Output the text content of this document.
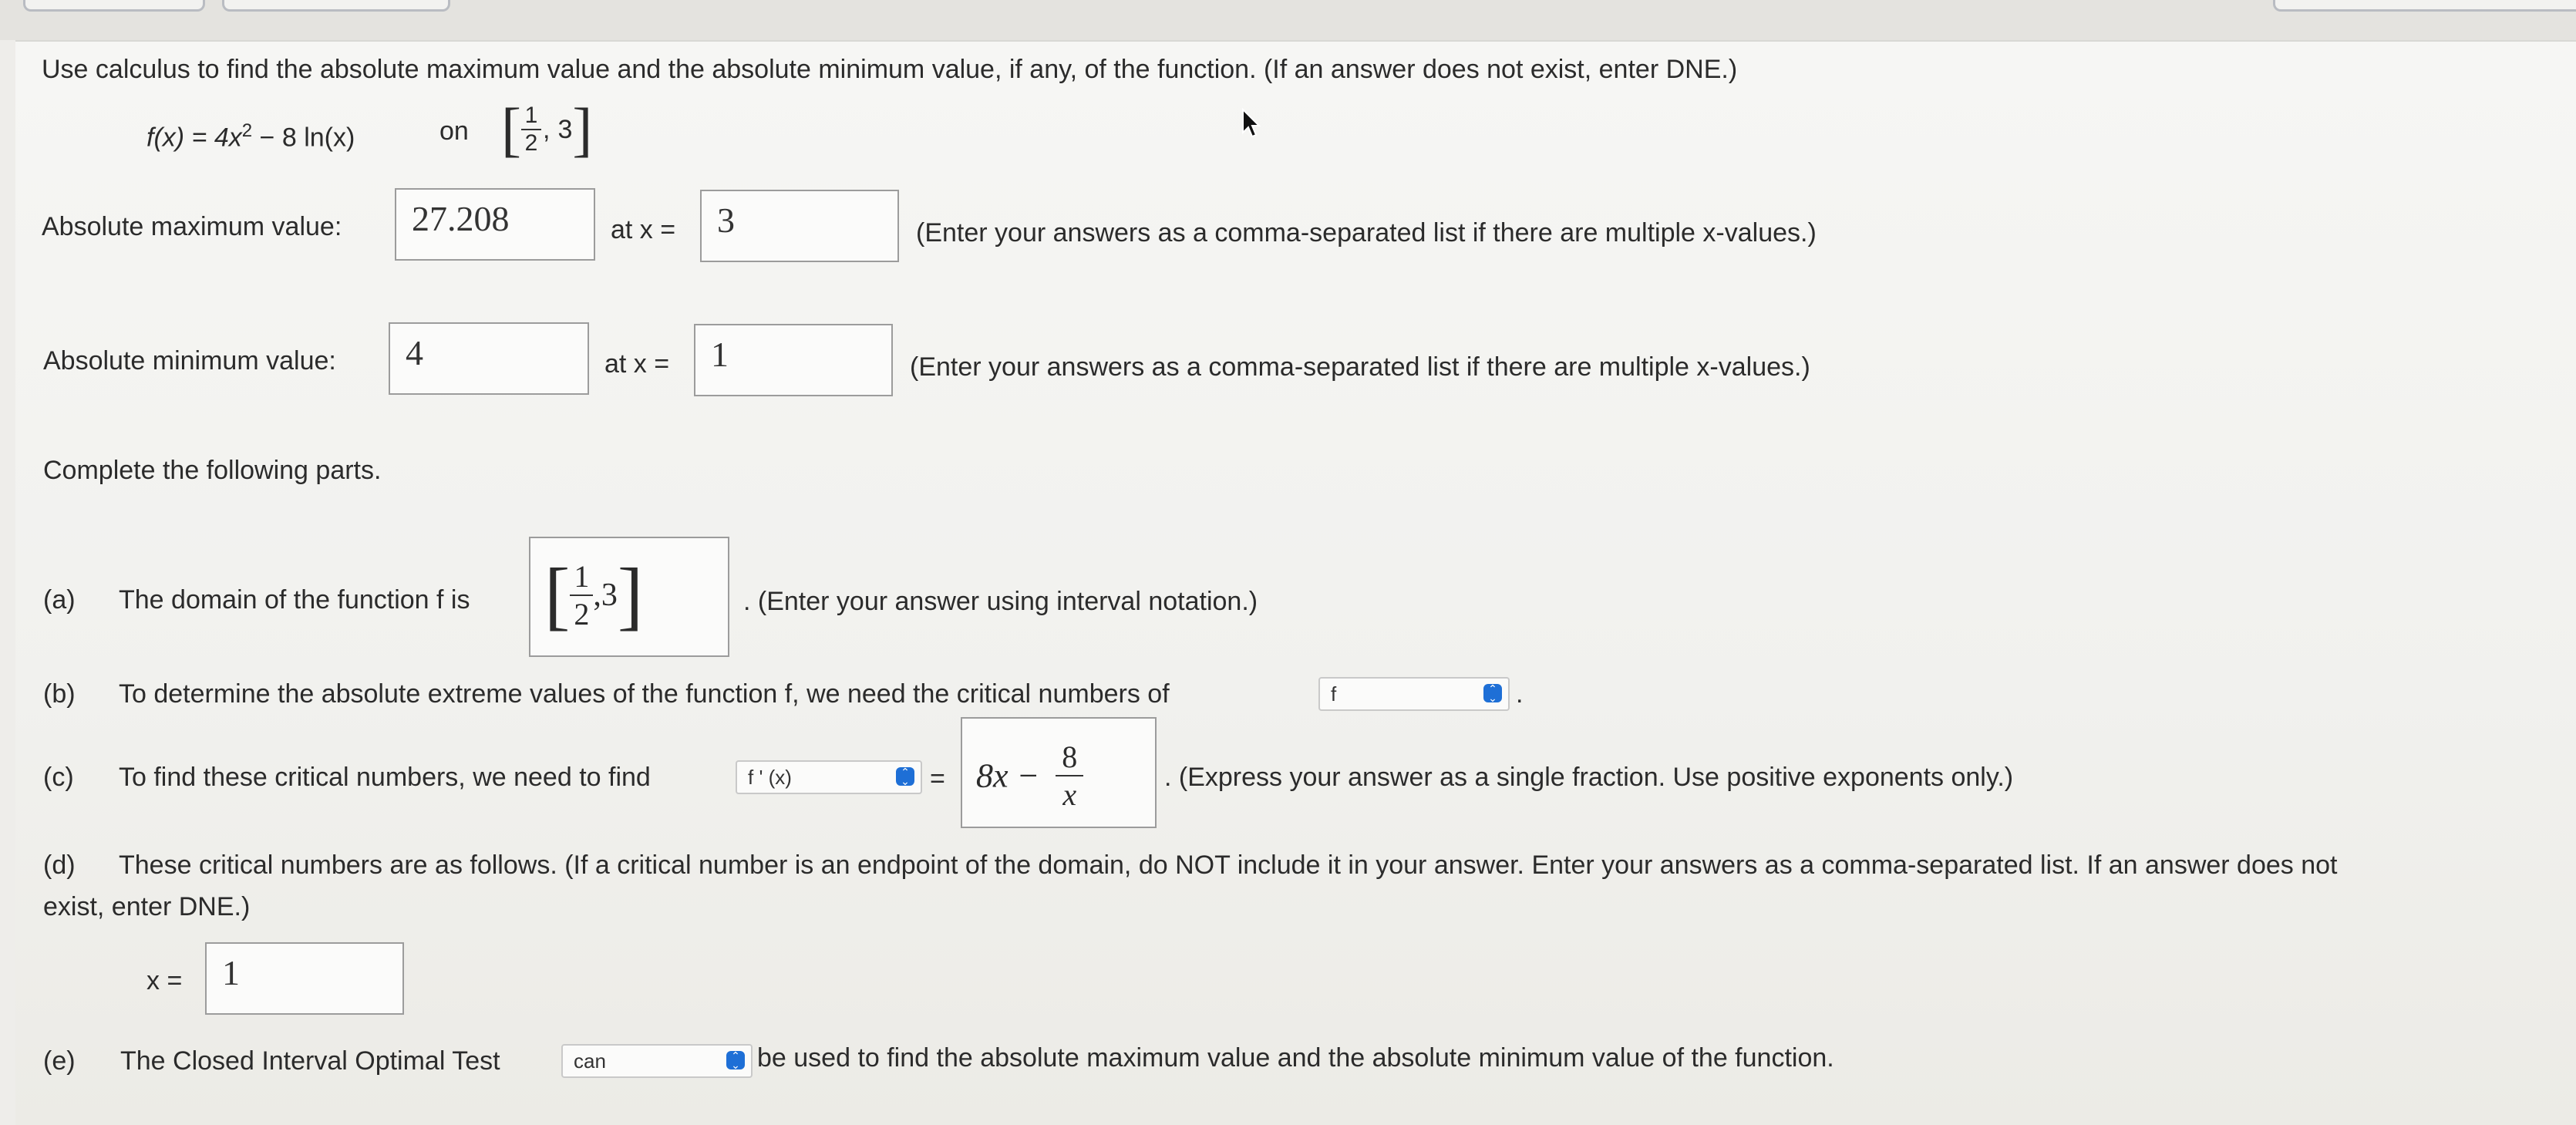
Use calculus to find the absolute maximum value and the absolute minimum value, if any, of the function. (If an answer does not exist, enter DNE.)
$f(x) = 4x^2 - 8$ ln(x)	on [ $\frac{1}{2}$ , 3]
Absolute maximum value: 27.208	at x = 3	(Enter your answers as a comma-separated list if there are multiple x-values.)
Absolute minimum value: 4	at x = 1	(Enter your answers as a comma-separated list if there are multiple x-values.)
Complete the following parts.
(a) The domain of the function f is [ $\frac{1}{2} ,3$]	. (Enter your answer using interval notation.)
(b) To determine the absolute extreme values of the function f, we need the critical numbers of	f	⌃
⌄ .
(c) To find these critical numbers, we need to find	f ' (x)	⌃
⌄ = $8x - \frac{8}{x}$	. (Express your answer as a single fraction. Use positive exponents only.)
(d) These critical numbers are as follows. (If a critical number is an endpoint of the domain, do NOT include it in your answer. Enter your answers as a comma-separated list. If an answer does not
exist, enter DNE.)
x = 1
(e) The Closed Interval Optimal Test	can	⌃
⌄ be used to find the absolute maximum value and the absolute minimum value of the function.
